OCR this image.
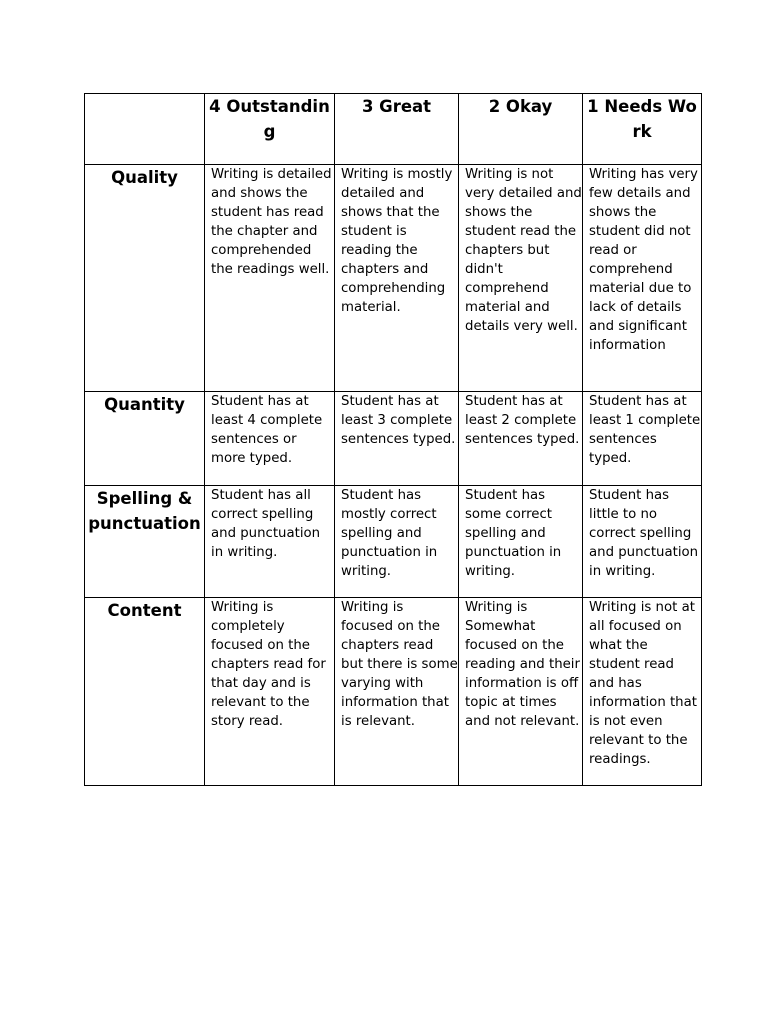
	4 Outstanding	3 Great	2 Okay	1 Needs Work

Quality	Writing is detailed and shows the student has read the chapter and comprehended the readings well.	Writing is mostly detailed and shows that the student is reading the chapters and comprehending material.	Writing is not very detailed and shows the student read the chapters but didn't comprehend material and details very well.	Writing has very few details and shows the student did not read or comprehend material due to lack of details and significant information

Quantity	Student has at least 4 complete sentences or more typed.	Student has at least 3 complete sentences typed.	Student has at least 2 complete sentences typed.	Student has at least 1 complete sentences typed.

Spelling & punctuation	Student has all correct spelling and punctuation in writing.	Student has mostly correct spelling and punctuation in writing.	Student has some correct spelling and punctuation in writing.	Student has little to no correct spelling and punctuation in writing.

Content	Writing is completely focused on the chapters read for that day and is relevant to the story read.	Writing is focused on the chapters read but there is some varying with information that is relevant.	Writing is Somewhat focused on the reading and their information is off topic at times and not relevant.	Writing is not at all focused on what the student read and has information that is not even relevant to the readings.
